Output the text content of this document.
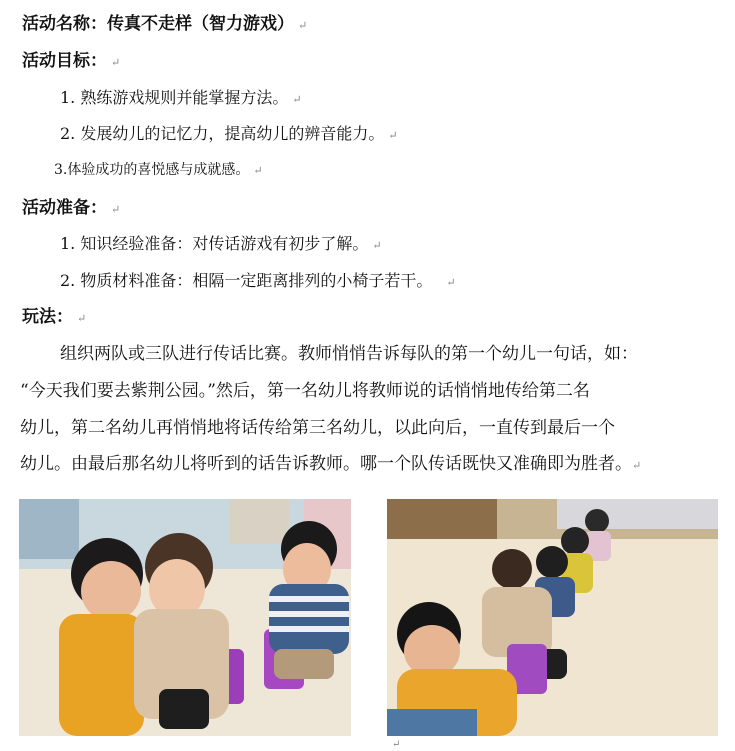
活动名称：传真不走样（智力游戏） ↵
活动目标： ↵
1. 熟练游戏规则并能掌握方法。 ↵
2. 发展幼儿的记忆力，提高幼儿的辨音能力。 ↵
3.体验成功的喜悦感与成就感。 ↵
活动准备： ↵
1. 知识经验准备：对传话游戏有初步了解。 ↵
2. 物质材料准备：相隔一定距离排列的小椅子若干。 ↵
玩法： ↵
组织两队或三队进行传话比赛。教师悄悄告诉每队的第一个幼儿一句话，如：
“今天我们要去紫荆公园。”然后，第一名幼儿将教师说的话悄悄地传给第二名
幼儿，第二名幼儿再悄悄地将话传给第三名幼儿，以此向后，一直传到最后一个
幼儿。由最后那名幼儿将听到的话告诉教师。哪一个队传话既快又准确即为胜者。↵
↵
